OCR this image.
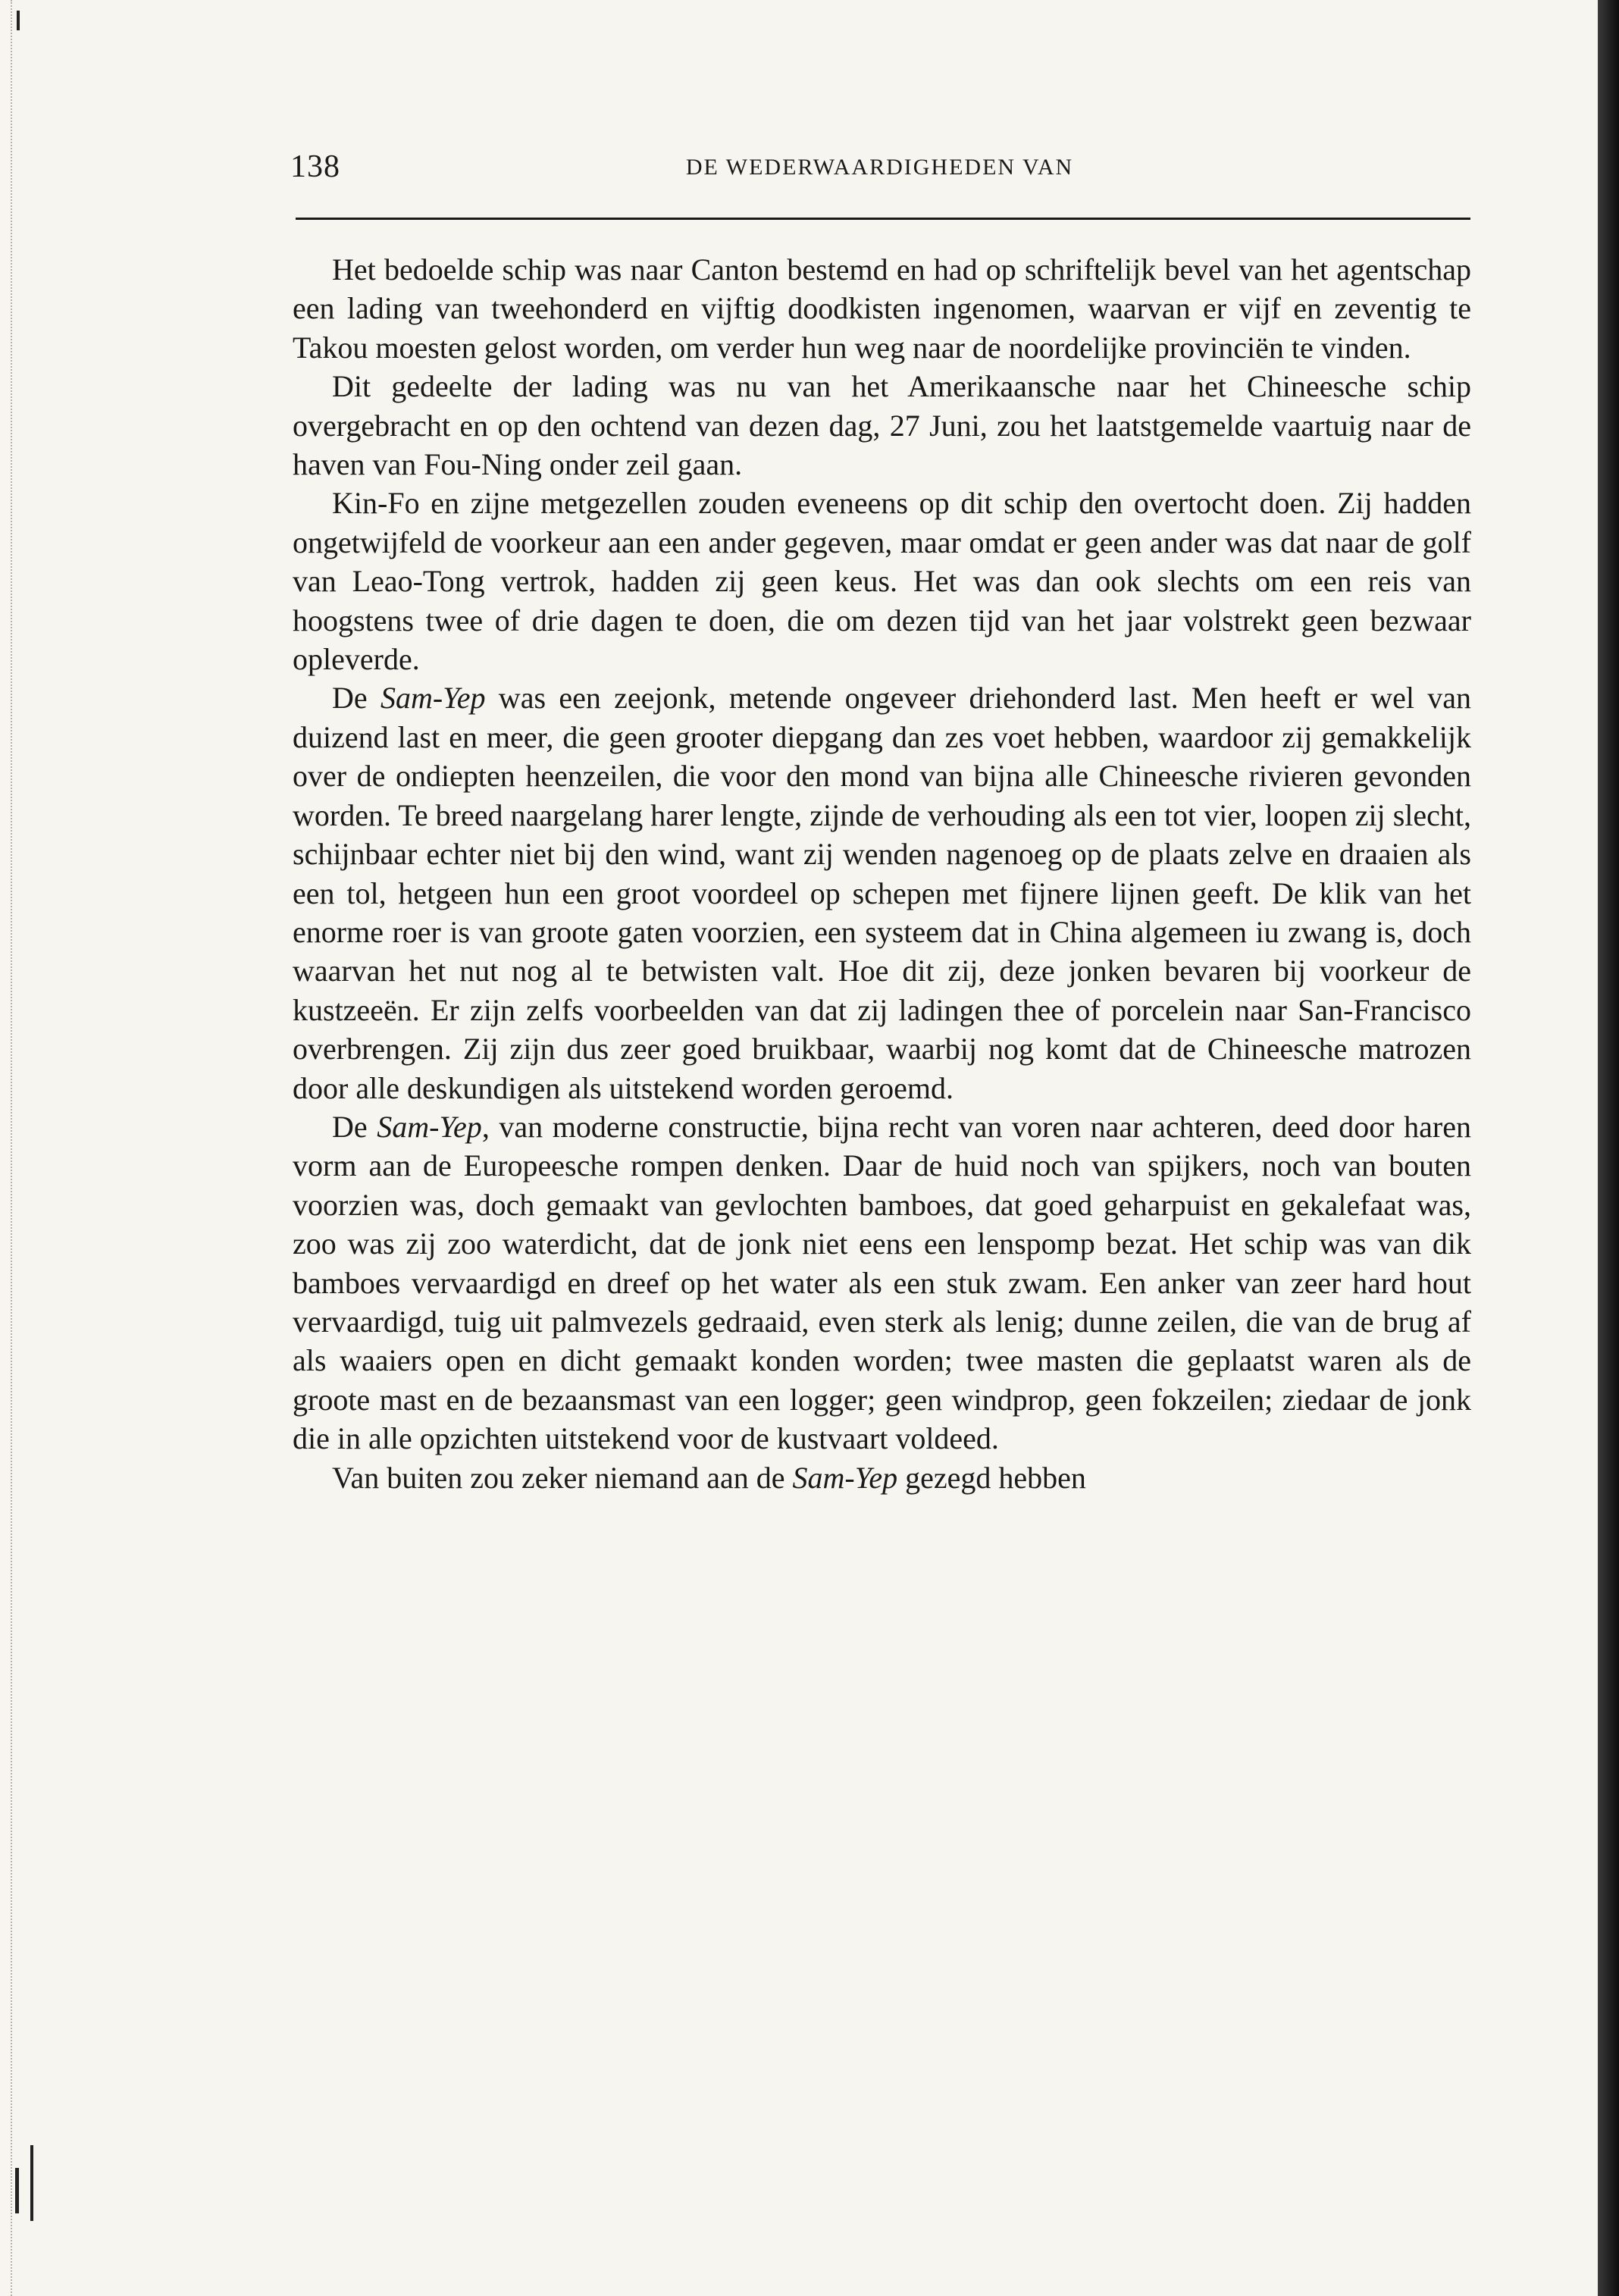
138	DE WEDERWAARDIGHEDEN VAN

Het bedoelde schip was naar Canton bestemd en had op schriftelijk bevel van het agentschap een lading van tweehonderd en vijftig doodkisten ingenomen, waarvan er vijf en zeventig te Takou moesten gelost worden, om verder hun weg naar de noordelijke provinciën te vinden.

Dit gedeelte der lading was nu van het Amerikaansche naar het Chineesche schip overgebracht en op den ochtend van dezen dag, 27 Juni, zou het laatstgemelde vaartuig naar de haven van Fou-Ning onder zeil gaan.

Kin-Fo en zijne metgezellen zouden eveneens op dit schip den overtocht doen. Zij hadden ongetwijfeld de voorkeur aan een ander gegeven, maar omdat er geen ander was dat naar de golf van Leao-Tong vertrok, hadden zij geen keus. Het was dan ook slechts om een reis van hoogstens twee of drie dagen te doen, die om dezen tijd van het jaar volstrekt geen bezwaar opleverde.

De Sam-Yep was een zeejonk, metende ongeveer driehonderd last. Men heeft er wel van duizend last en meer, die geen grooter diepgang dan zes voet hebben, waardoor zij gemakkelijk over de ondiepten heenzeilen, die voor den mond van bijna alle Chineesche rivieren gevonden worden. Te breed naargelang harer lengte, zijnde de verhouding als een tot vier, loopen zij slecht, schijnbaar echter niet bij den wind, want zij wenden nagenoeg op de plaats zelve en draaien als een tol, hetgeen hun een groot voordeel op schepen met fijnere lijnen geeft. De klik van het enorme roer is van groote gaten voorzien, een systeem dat in China algemeen iu zwang is, doch waarvan het nut nog al te betwisten valt. Hoe dit zij, deze jonken bevaren bij voorkeur de kustzeeën. Er zijn zelfs voorbeelden van dat zij ladingen thee of porcelein naar San-Francisco overbrengen. Zij zijn dus zeer goed bruikbaar, waarbij nog komt dat de Chineesche matrozen door alle deskundigen als uitstekend worden geroemd.

De Sam-Yep, van moderne constructie, bijna recht van voren naar achteren, deed door haren vorm aan de Europeesche rompen denken. Daar de huid noch van spijkers, noch van bouten voorzien was, doch gemaakt van gevlochten bamboes, dat goed geharpuist en gekalefaat was, zoo was zij zoo waterdicht, dat de jonk niet eens een lenspomp bezat. Het schip was van dik bamboes vervaardigd en dreef op het water als een stuk zwam. Een anker van zeer hard hout vervaardigd, tuig uit palmvezels gedraaid, even sterk als lenig; dunne zeilen, die van de brug af als waaiers open en dicht gemaakt konden worden; twee masten die geplaatst waren als de groote mast en de bezaansmast van een logger; geen windprop, geen fokzeilen; ziedaar de jonk die in alle opzichten uitstekend voor de kustvaart voldeed.

Van buiten zou zeker niemand aan de Sam-Yep gezegd hebben
